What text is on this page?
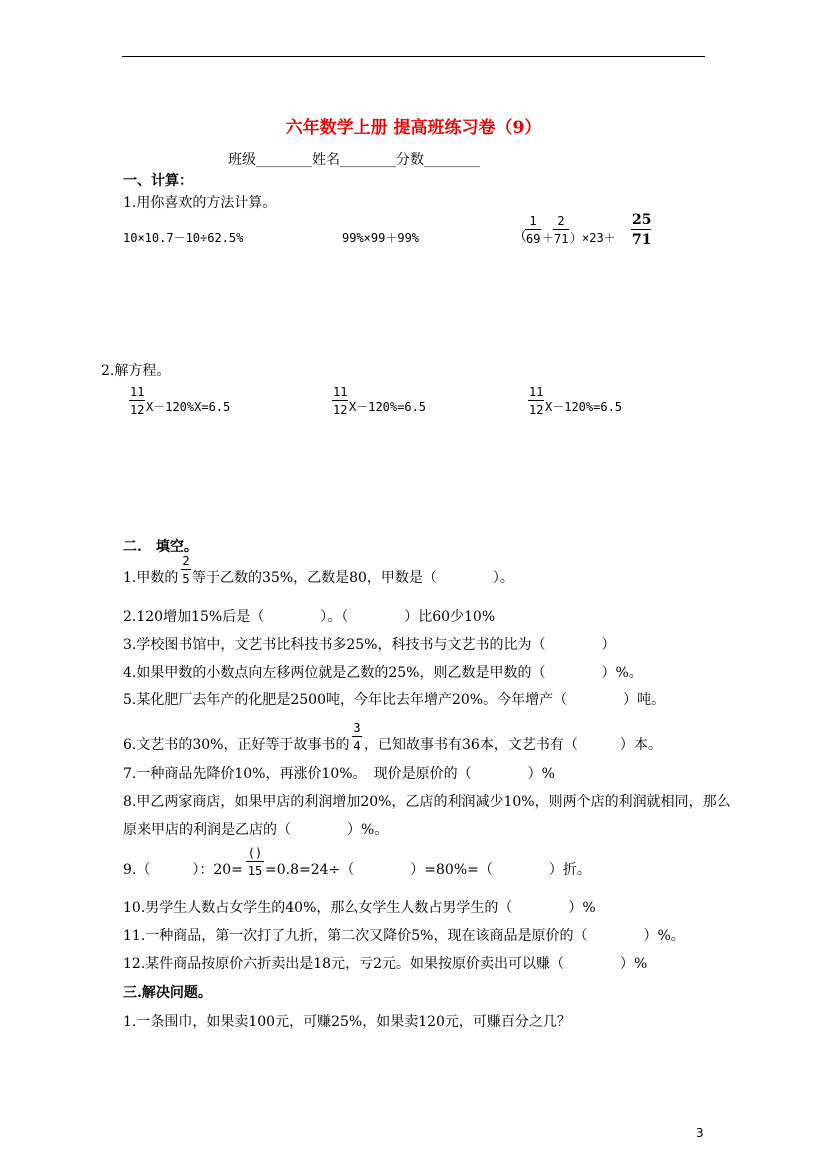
六年数学上册 提高班练习卷（9）
班级________姓名________分数________
一、计算：
1.用你喜欢的方法计算。
10×10.7－10÷62.5%	99%×99＋99%	（
$\frac{1}{69}$ ＋
$\frac{2}{71} )\times 23+ \frac{25}{71}$
2.解方程。
$\frac{11}{12} X-120\%X=6.5$	$\frac{11}{12} X-120\%=6.5$	$\frac{11}{12} X-120\%=6.5$
二.　填空。
1.甲数的 $\frac{2}{5}$ 等于乙数的35%，乙数是80，甲数是（　　　　）。
2.120增加15%后是（　　　　）。（　　　　）比60少10%
3.学校图书馆中，文艺书比科技书多25%，科技书与文艺书的比为（　　　　）
4.如果甲数的小数点向左移两位就是乙数的25%，则乙数是甲数的（　　　　）%。
5.某化肥厂去年产的化肥是2500吨，今年比去年增产20%。今年增产（　　　　）吨。
6.文艺书的30%，正好等于故事书的 $\frac{3}{4}$ ，已知故事书有36本，文艺书有（　　　）本。
7.一种商品先降价10%，再涨价10%。　现价是原价的（　　　　）%
8.甲乙两家商店，如果甲店的利润增加20%，乙店的利润减少10%，则两个店的利润就相同，那么
原来甲店的利润是乙店的（　　　　）%。
9.（　　　）：20=
()
15 =0.8=24÷（　　　　）=80%=（　　　　）折。
10.男学生人数占女学生的40%，那么女学生人数占男学生的（　　　　）%
11.一种商品，第一次打了九折，第二次又降价5%，现在该商品是原价的（　　　　）%。
12.某件商品按原价六折卖出是18元，亏2元。如果按原价卖出可以赚（　　　　）%
三.解决问题。
1.一条围巾，如果卖100元，可赚25%，如果卖120元，可赚百分之几？
3
